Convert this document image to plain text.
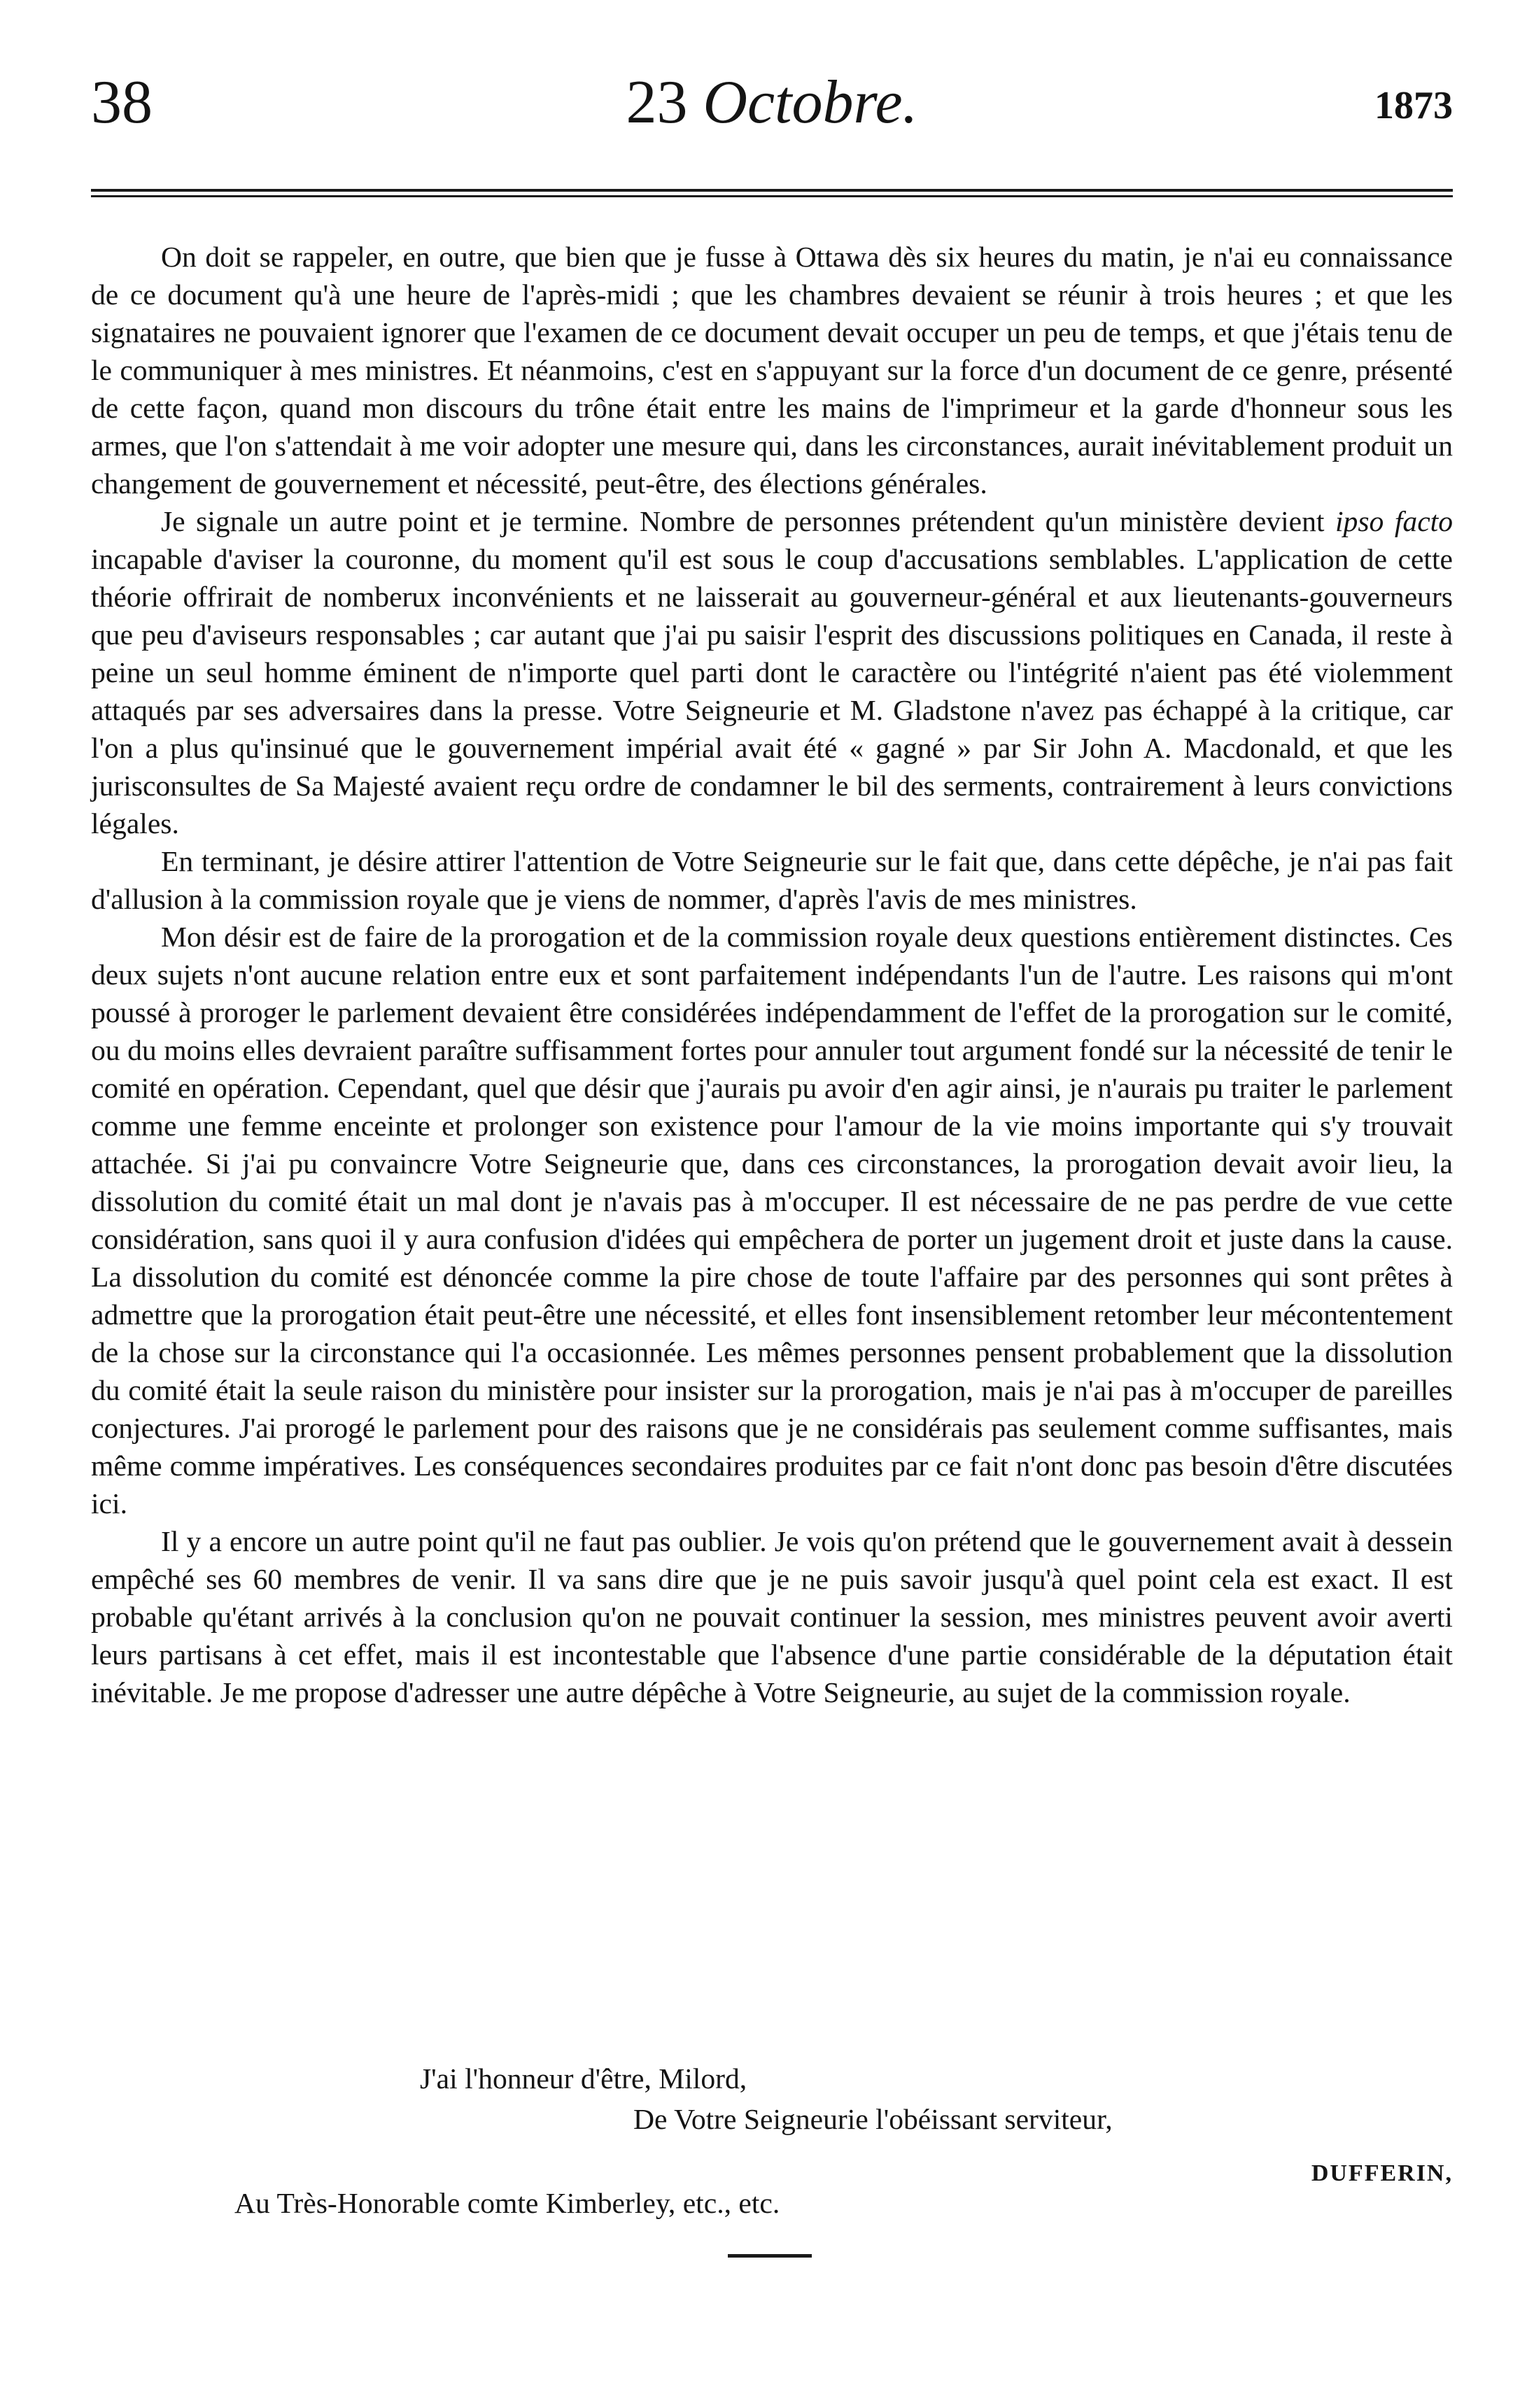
38	23 Octobre.	1873

On doit se rappeler, en outre, que bien que je fusse à Ottawa dès six heures du matin, je n'ai eu connaissance de ce document qu'à une heure de l'après-midi ; que les chambres devaient se réunir à trois heures ; et que les signataires ne pouvaient ignorer que l'examen de ce document devait occuper un peu de temps, et que j'étais tenu de le communiquer à mes ministres. Et néanmoins, c'est en s'appuyant sur la force d'un document de ce genre, présenté de cette façon, quand mon discours du trône était entre les mains de l'imprimeur et la garde d'honneur sous les armes, que l'on s'attendait à me voir adopter une mesure qui, dans les circonstances, aurait inévitablement produit un changement de gouvernement et nécessité, peut-être, des élections générales.

Je signale un autre point et je termine. Nombre de personnes prétendent qu'un ministère devient ipso facto incapable d'aviser la couronne, du moment qu'il est sous le coup d'accusations semblables. L'application de cette théorie offrirait de nomberux inconvénients et ne laisserait au gouverneur-général et aux lieutenants-gouverneurs que peu d'aviseurs responsables ; car autant que j'ai pu saisir l'esprit des discussions politiques en Canada, il reste à peine un seul homme éminent de n'importe quel parti dont le caractère ou l'intégrité n'aient pas été violemment attaqués par ses adversaires dans la presse. Votre Seigneurie et M. Gladstone n'avez pas échappé à la critique, car l'on a plus qu'insinué que le gouvernement impérial avait été « gagné » par Sir John A. Macdonald, et que les jurisconsultes de Sa Majesté avaient reçu ordre de condamner le bil des serments, contrairement à leurs convictions légales.

En terminant, je désire attirer l'attention de Votre Seigneurie sur le fait que, dans cette dépêche, je n'ai pas fait d'allusion à la commission royale que je viens de nommer, d'après l'avis de mes ministres.

Mon désir est de faire de la prorogation et de la commission royale deux questions entièrement distinctes. Ces deux sujets n'ont aucune relation entre eux et sont parfaitement indépendants l'un de l'autre. Les raisons qui m'ont poussé à proroger le parlement devaient être considérées indépendamment de l'effet de la prorogation sur le comité, ou du moins elles devraient paraître suffisamment fortes pour annuler tout argument fondé sur la nécessité de tenir le comité en opération. Cependant, quel que désir que j'aurais pu avoir d'en agir ainsi, je n'aurais pu traiter le parlement comme une femme enceinte et prolonger son existence pour l'amour de la vie moins importante qui s'y trouvait attachée. Si j'ai pu convaincre Votre Seigneurie que, dans ces circonstances, la prorogation devait avoir lieu, la dissolution du comité était un mal dont je n'avais pas à m'occuper. Il est nécessaire de ne pas perdre de vue cette considération, sans quoi il y aura confusion d'idées qui empêchera de porter un jugement droit et juste dans la cause. La dissolution du comité est dénoncée comme la pire chose de toute l'affaire par des personnes qui sont prêtes à admettre que la prorogation était peut-être une nécessité, et elles font insensiblement retomber leur mécontentement de la chose sur la circonstance qui l'a occasionnée. Les mêmes personnes pensent probablement que la dissolution du comité était la seule raison du ministère pour insister sur la prorogation, mais je n'ai pas à m'occuper de pareilles conjectures. J'ai prorogé le parlement pour des raisons que je ne considérais pas seulement comme suffisantes, mais même comme impératives. Les conséquences secondaires produites par ce fait n'ont donc pas besoin d'être discutées ici.

Il y a encore un autre point qu'il ne faut pas oublier. Je vois qu'on prétend que le gouvernement avait à dessein empêché ses 60 membres de venir. Il va sans dire que je ne puis savoir jusqu'à quel point cela est exact. Il est probable qu'étant arrivés à la conclusion qu'on ne pouvait continuer la session, mes ministres peuvent avoir averti leurs partisans à cet effet, mais il est incontestable que l'absence d'une partie considérable de la députation était inévitable. Je me propose d'adresser une autre dépêche à Votre Seigneurie, au sujet de la commission royale.

J'ai l'honneur d'être, Milord,
De Votre Seigneurie l'obéissant serviteur,
DUFFERIN,
Au Très-Honorable comte Kimberley, etc., etc.
